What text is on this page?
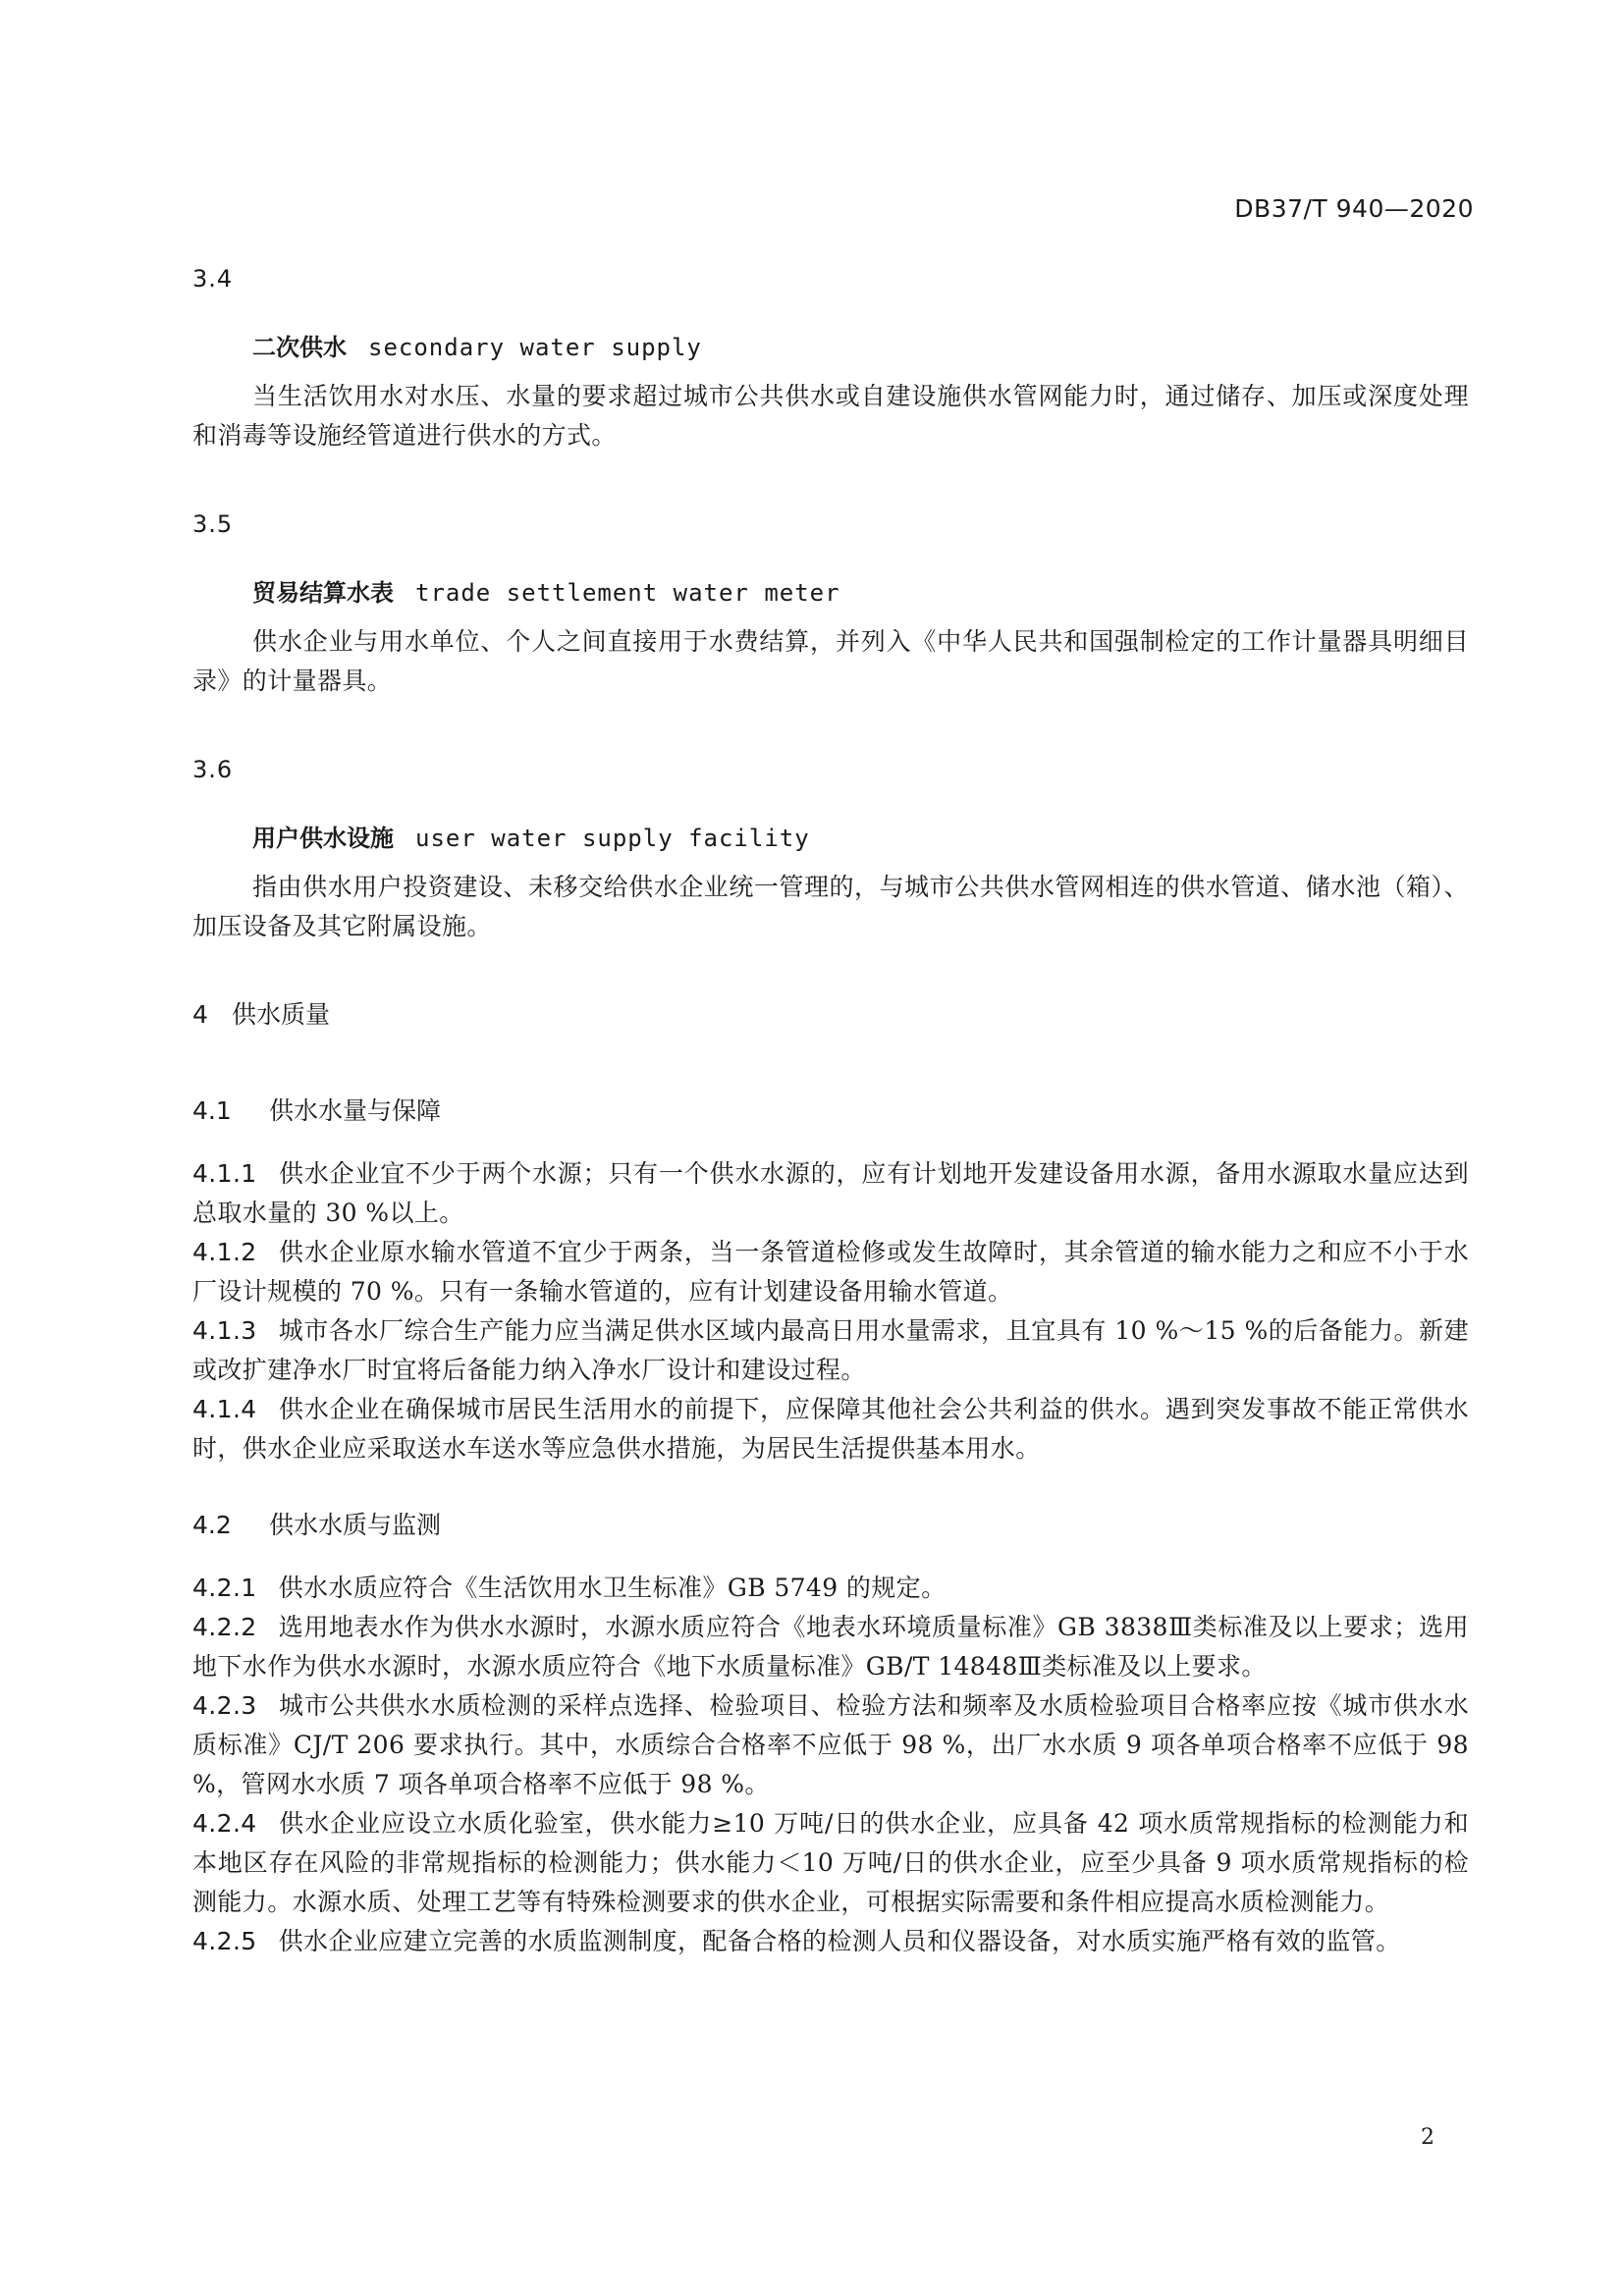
DB37/T 940—2020
3.4
二次供水 secondary water supply

当生活饮用水对水压、水量的要求超过城市公共供水或自建设施供水管网能力时，通过储存、加压或深度处理和消毒等设施经管道进行供水的方式。

3.5
贸易结算水表 trade settlement water meter

供水企业与用水单位、个人之间直接用于水费结算，并列入《中华人民共和国强制检定的工作计量器具明细目录》的计量器具。

3.6
用户供水设施 user water supply facility

指由供水用户投资建设、未移交给供水企业统一管理的，与城市公共供水管网相连的供水管道、储水池（箱）、加压设备及其它附属设施。

4 供水质量
4.1 供水水量与保障

4.1.1 供水企业宜不少于两个水源；只有一个供水水源的，应有计划地开发建设备用水源，备用水源取水量应达到总取水量的 30 %以上。

4.1.2 供水企业原水输水管道不宜少于两条，当一条管道检修或发生故障时，其余管道的输水能力之和应不小于水厂设计规模的 70 %。只有一条输水管道的，应有计划建设备用输水管道。

4.1.3 城市各水厂综合生产能力应当满足供水区域内最高日用水量需求，且宜具有 10 %～15 %的后备能力。新建或改扩建净水厂时宜将后备能力纳入净水厂设计和建设过程。

4.1.4 供水企业在确保城市居民生活用水的前提下，应保障其他社会公共利益的供水。遇到突发事故不能正常供水时，供水企业应采取送水车送水等应急供水措施，为居民生活提供基本用水。

4.2 供水水质与监测

4.2.1 供水水质应符合《生活饮用水卫生标准》GB 5749 的规定。

4.2.2 选用地表水作为供水水源时，水源水质应符合《地表水环境质量标准》GB 3838Ⅲ类标准及以上要求；选用地下水作为供水水源时，水源水质应符合《地下水质量标准》GB/T 14848Ⅲ类标准及以上要求。

4.2.3 城市公共供水水质检测的采样点选择、检验项目、检验方法和频率及水质检验项目合格率应按《城市供水水质标准》CJ/T 206 要求执行。其中，水质综合合格率不应低于 98 %，出厂水水质 9 项各单项合格率不应低于 98 %，管网水水质 7 项各单项合格率不应低于 98 %。

4.2.4 供水企业应设立水质化验室，供水能力≥10 万吨/日的供水企业，应具备 42 项水质常规指标的检测能力和本地区存在风险的非常规指标的检测能力；供水能力＜10 万吨/日的供水企业，应至少具备 9 项水质常规指标的检测能力。水源水质、处理工艺等有特殊检测要求的供水企业，可根据实际需要和条件相应提高水质检测能力。

4.2.5 供水企业应建立完善的水质监测制度，配备合格的检测人员和仪器设备，对水质实施严格有效的监管。

2
